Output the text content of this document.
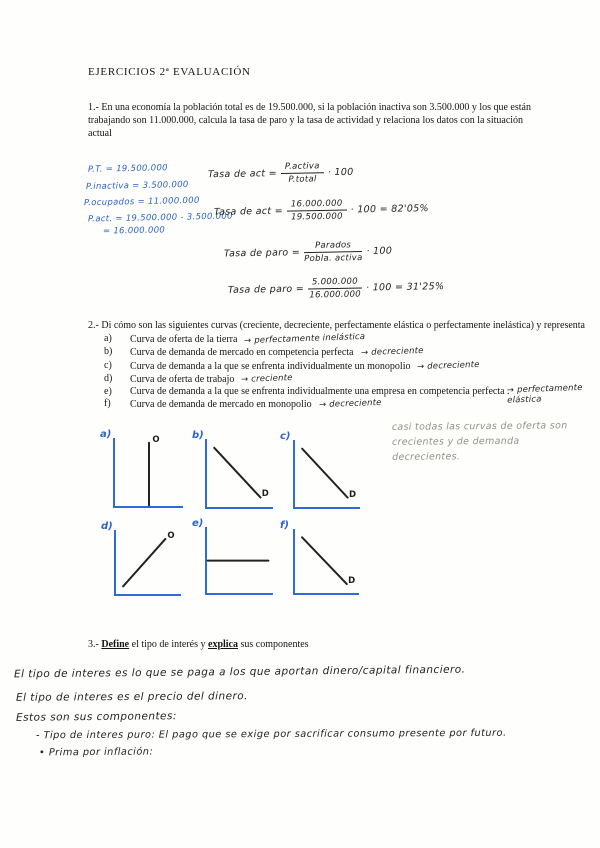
EJERCICIOS 2ª EVALUACIÓN
1.- En una economía la población total es de 19.500.000, si la población inactiva son 3.500.000 y los que están trabajando son 11.000.000, calcula la tasa de paro y la tasa de actividad y relaciona los datos con la situación actual
P.T. = 19.500.000
P.inactiva = 3.500.000
P.ocupados = 11.000.000
P.act. = 19.500.000 - 3.500.000
= 16.000.000
Tasa de act = $\frac{\text{P.activa}}{\text{P.total}} \cdot 100$
Tasa de act = $\frac{16.000.000}{19.500.000} \cdot 100 = 82'05\%$
Tasa de paro = $\frac{\text{Parados}}{\text{Pobla. activa}} \cdot 100$
Tasa de paro = $\frac{5.000.000}{16.000.000} \cdot 100 = 31'25\%$
2.- Di cómo son las siguientes curvas (creciente, decreciente, perfectamente elástica o perfectamente inelástica) y representa
a) Curva de oferta de la tierra → perfectamente inelástica
b) Curva de demanda de mercado en competencia perfecta → decreciente
c) Curva de demanda a la que se enfrenta individualmente un monopolio → decreciente
d) Curva de oferta de trabajo → creciente
e) Curva de demanda a la que se enfrenta individualmente una empresa en competencia perfecta .
→ perfectamente elástica
f) Curva de demanda de mercado en monopolio → decreciente
casi todas las curvas de oferta son crecientes y de demanda decrecientes.
a)
O	b)
D
c)
D
d)
O
e)	f)
D
3.- Define el tipo de interés y explica sus componentes
El tipo de interes es lo que se paga a los que aportan dinero/capital financiero.
El tipo de interes es el precio del dinero.
Estos son sus componentes:
- Tipo de interes puro: El pago que se exige por sacrificar consumo presente por futuro.
• Prima por inflación:
